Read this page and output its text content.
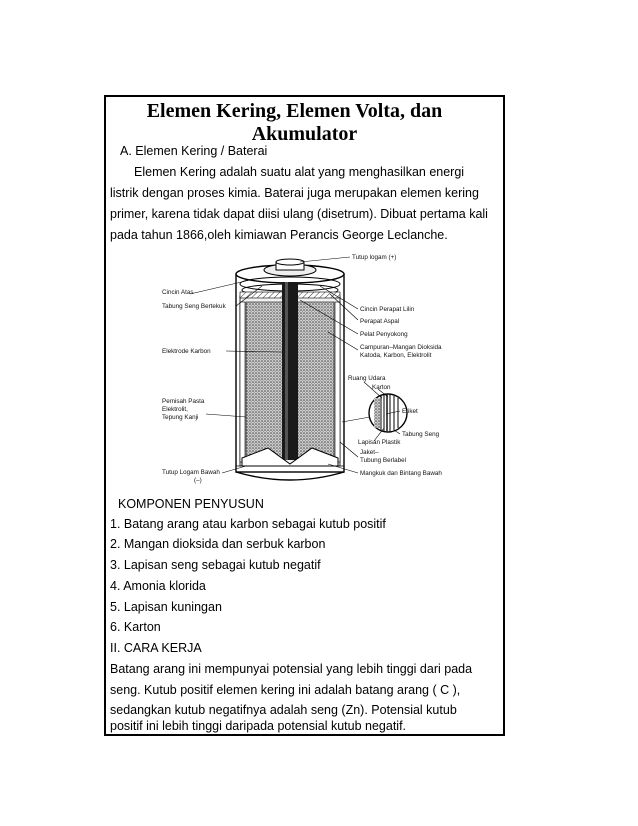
Elemen Kering, Elemen Volta, dan
Akumulator
A. Elemen Kering / Baterai
Elemen Kering adalah suatu alat yang menghasilkan energi
listrik dengan proses kimia. Baterai juga merupakan elemen kering
primer, karena tidak dapat diisi ulang (disetrum). Dibuat pertama kali
pada tahun 1866,oleh kimiawan Perancis George Leclanche.
Tutup logam (+)
Cincin Atas
Tabung Seng Bertekuk	Cincin Perapat Lilin
Perapat Aspal
Pelat Penyokong
Campuran–Mangan Dioksida
Katoda, Karbon, Elektrolit
Elektrode Karbon
Ruang Udara
Karton
Pemisah Pasta
Elektrolit,
Tepung Kanji
Etiket
Tabung Seng
Lapisan Plastik
Jaket–
Tubung Berlabel
Tutup Logam Bawah
(–)
Mangkuk dan Bintang Bawah
KOMPONEN PENYUSUN
1. Batang arang atau karbon sebagai kutub positif
2. Mangan dioksida dan serbuk karbon
3. Lapisan seng sebagai kutub negatif
4. Amonia klorida
5. Lapisan kuningan
6. Karton
II. CARA KERJA
Batang arang ini mempunyai potensial yang lebih tinggi dari pada
seng. Kutub positif elemen kering ini adalah batang arang ( C ),
sedangkan kutub negatifnya adalah seng (Zn). Potensial kutub
positif ini lebih tinggi daripada potensial kutub negatif.
